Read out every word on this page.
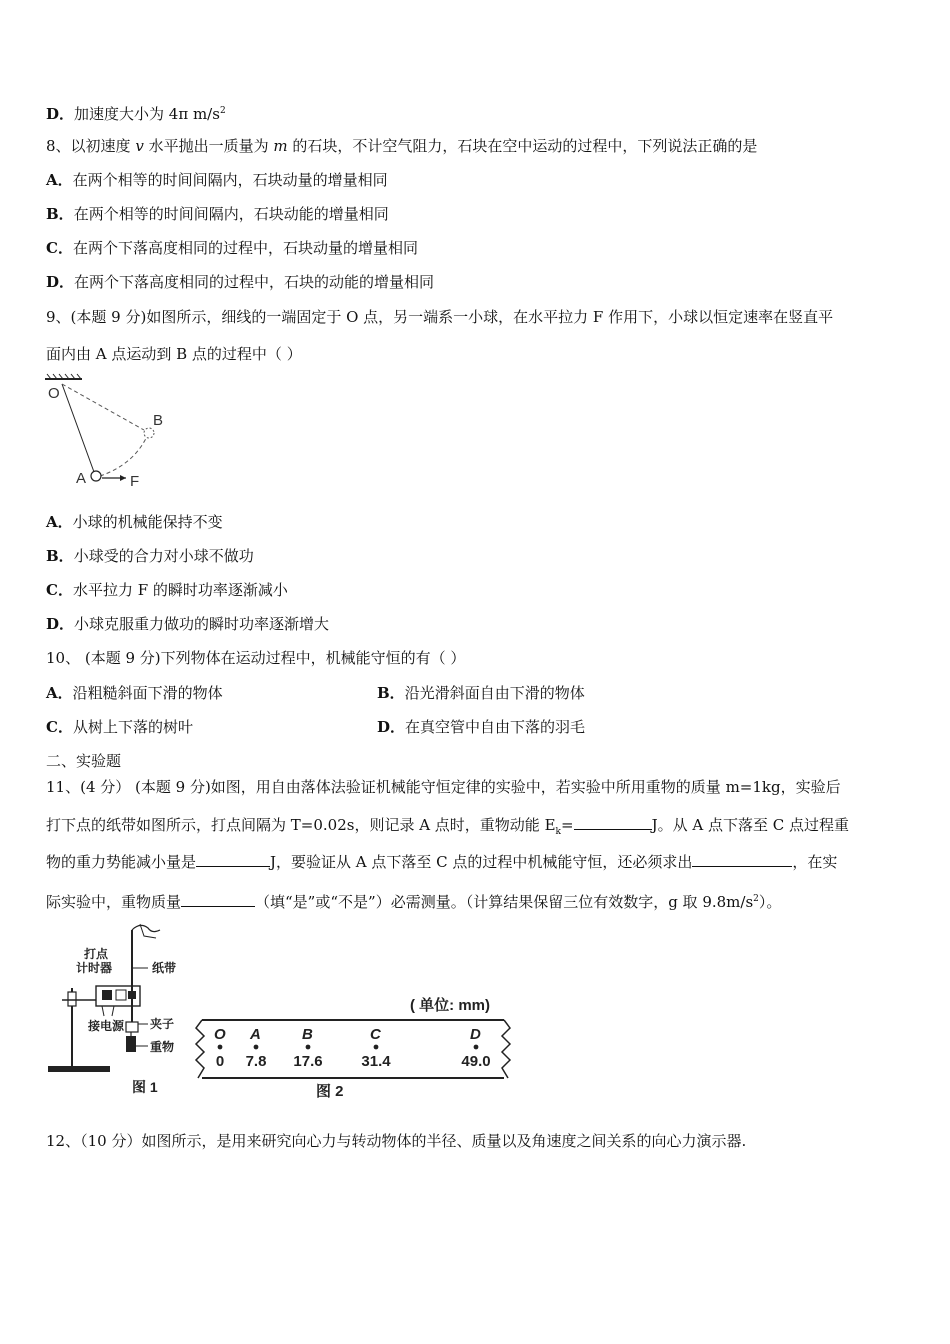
D．加速度大小为 4π $m/s^2$
8、以初速度 v 水平抛出一质量为 m 的石块，不计空气阻力，石块在空中运动的过程中，下列说法正确的是
A．在两个相等的时间间隔内，石块动量的增量相同
B．在两个相等的时间间隔内，石块动能的增量相同
C．在两个下落高度相同的过程中，石块动量的增量相同
D．在两个下落高度相同的过程中，石块的动能的增量相同
9、(本题 9 分)如图所示，细线的一端固定于 O 点，另一端系一小球，在水平拉力 F 作用下，小球以恒定速率在竖直平
面内由 A 点运动到 B 点的过程中（ ）
O
A
B
F
A．小球的机械能保持不变
B．小球受的合力对小球不做功
C．水平拉力 F 的瞬时功率逐渐减小
D．小球克服重力做功的瞬时功率逐渐增大
10、 (本题 9 分)下列物体在运动过程中，机械能守恒的有（ ）
A．沿粗糙斜面下滑的物体	B．沿光滑斜面自由下滑的物体
C．从树上下落的树叶	D．在真空管中自由下落的羽毛
二、实验题
11、(4 分） (本题 9 分)如图，用自由落体法验证机械能守恒定律的实验中，若实验中所用重物的质量 m=1kg，实验后
打下点的纸带如图所示，打点间隔为 T=0.02s，则记录 A 点时，重物动能 $E_k=$	J。从 A 点下落至 C 点过程重
物的重力势能减小量是	J，要验证从 A 点下落至 C 点的过程中机械能守恒，还必须求出	，在实
际实验中，重物质量	（填“是”或“不是”）必需测量。（计算结果保留三位有效数字，g 取 $9.8m/s^2$）。
打点
计时器	纸带
接电源 夹子
重物
图 1
( 单位: mm)
O
0
A
7.8
B
17.6
C
31.4
D
49.0
图 2
12、（10 分）如图所示，是用来研究向心力与转动物体的半径、质量以及角速度之间关系的向心力演示器.
